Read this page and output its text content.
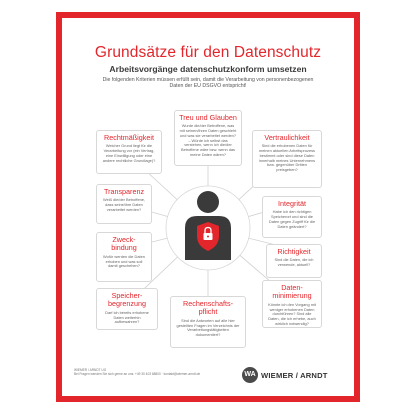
Grundsätze für den Datenschutz
Arbeitsvorgänge datenschutzkonform umsetzen
Die folgenden Kriterien müssen erfüllt sein, damit die Verarbeitung von personenbezogenen Daten der EU DSGVO entspricht!
Treu und Glauben
Wurde die/der Betroffene, was mit seinen/ihren Daten geschieht und was sie verarbeitet werden? – Würde ich selbst das verstehen, wenn ich die/der Betroffene wäre bzw. wenn das meine Daten wären?
Rechtmäßigkeit
Welcher Grund liegt für die Verarbeitung vor (ein Vertrag, eine Einwilligung oder eine andere rechtliche Grundlage)?
Vertraulichkeit
Sind die erhobenen Daten für meinen aktuellen Arbeitsprozess bestimmt oder sind diese Daten innerhalb meines Unternehmens bzw. gegenüber Dritten preisgeben?
Transparenz
Weiß die/der Betroffene, dass seine/ihre Daten verarbeitet werden?
Integrität
Habe ich den richtigen Speicherort und sind die Daten gegen Zugriff für die Daten geändert?
Zweck-
bindung
Wofür werden die Daten erhoben und was soll damit geschehen?
Richtigkeit
Sind die Daten, die ich verwende, aktuell?
Speicher-
begrenzung
Darf ich bereits erhobene Daten weiterhin aufbewahren?
Daten-
minimierung
Könnte ich den Vorgang mit weniger erhobenen Daten durchführen? Sind alle Daten, die ich erhebe, auch wirklich notwendig?
Rechenschafts-
pflicht
Sind die Antworten auf alle hier gestellten Fragen im Verzeichnis der Verarbeitungstätigkeiten dokumentiert?
WIEMER / ARNDT UG
Bei Fragen wenden Sie sich gerne an uns: +49 30 403 68800 · kontakt@wiemer-arndt.de	WA WIEMER / ARNDT
